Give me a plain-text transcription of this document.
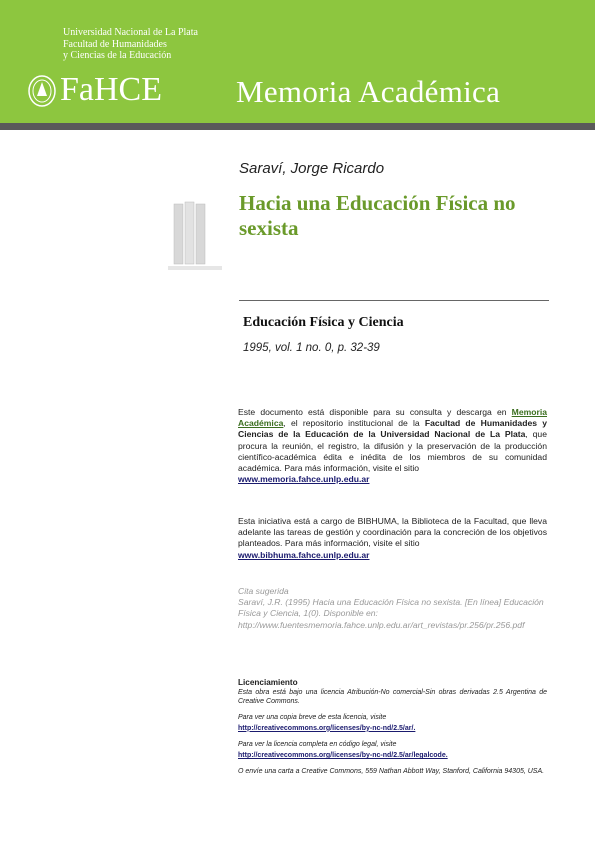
Universidad Nacional de La Plata
Facultad de Humanidades
y Ciencias de la Educación
FaHCE Memoria Académica
Saraví, Jorge Ricardo
Hacia una Educación Física no sexista
Educación Física y Ciencia
1995, vol. 1 no. 0, p. 32-39

Este documento está disponible para su consulta y descarga en Memoria Académica, el repositorio institucional de la Facultad de Humanidades y Ciencias de la Educación de la Universidad Nacional de La Plata, que procura la reunión, el registro, la difusión y la preservación de la producción científico-académica édita e inédita de los miembros de su comunidad académica. Para más información, visite el sitio

www.memoria.fahce.unlp.edu.ar

Esta iniciativa está a cargo de BIBHUMA, la Biblioteca de la Facultad, que lleva adelante las tareas de gestión y coordinación para la concreción de los objetivos planteados. Para más información, visite el sitio

www.bibhuma.fahce.unlp.edu.ar

Cita sugerida

Saraví, J.R. (1995) Hacia una Educación Física no sexista. [En línea] Educación Física y Ciencia, 1(0). Disponible en: http://www.fuentesmemoria.fahce.unlp.edu.ar/art_revistas/pr.256/pr.256.pdf

Licenciamiento

Esta obra está bajo una licencia Atribución-No comercial-Sin obras derivadas 2.5 Argentina de Creative Commons.

Para ver una copia breve de esta licencia, visite

http://creativecommons.org/licenses/by-nc-nd/2.5/ar/.

Para ver la licencia completa en código legal, visite

http://creativecommons.org/licenses/by-nc-nd/2.5/ar/legalcode.

O envíe una carta a Creative Commons, 559 Nathan Abbott Way, Stanford, California 94305, USA.
